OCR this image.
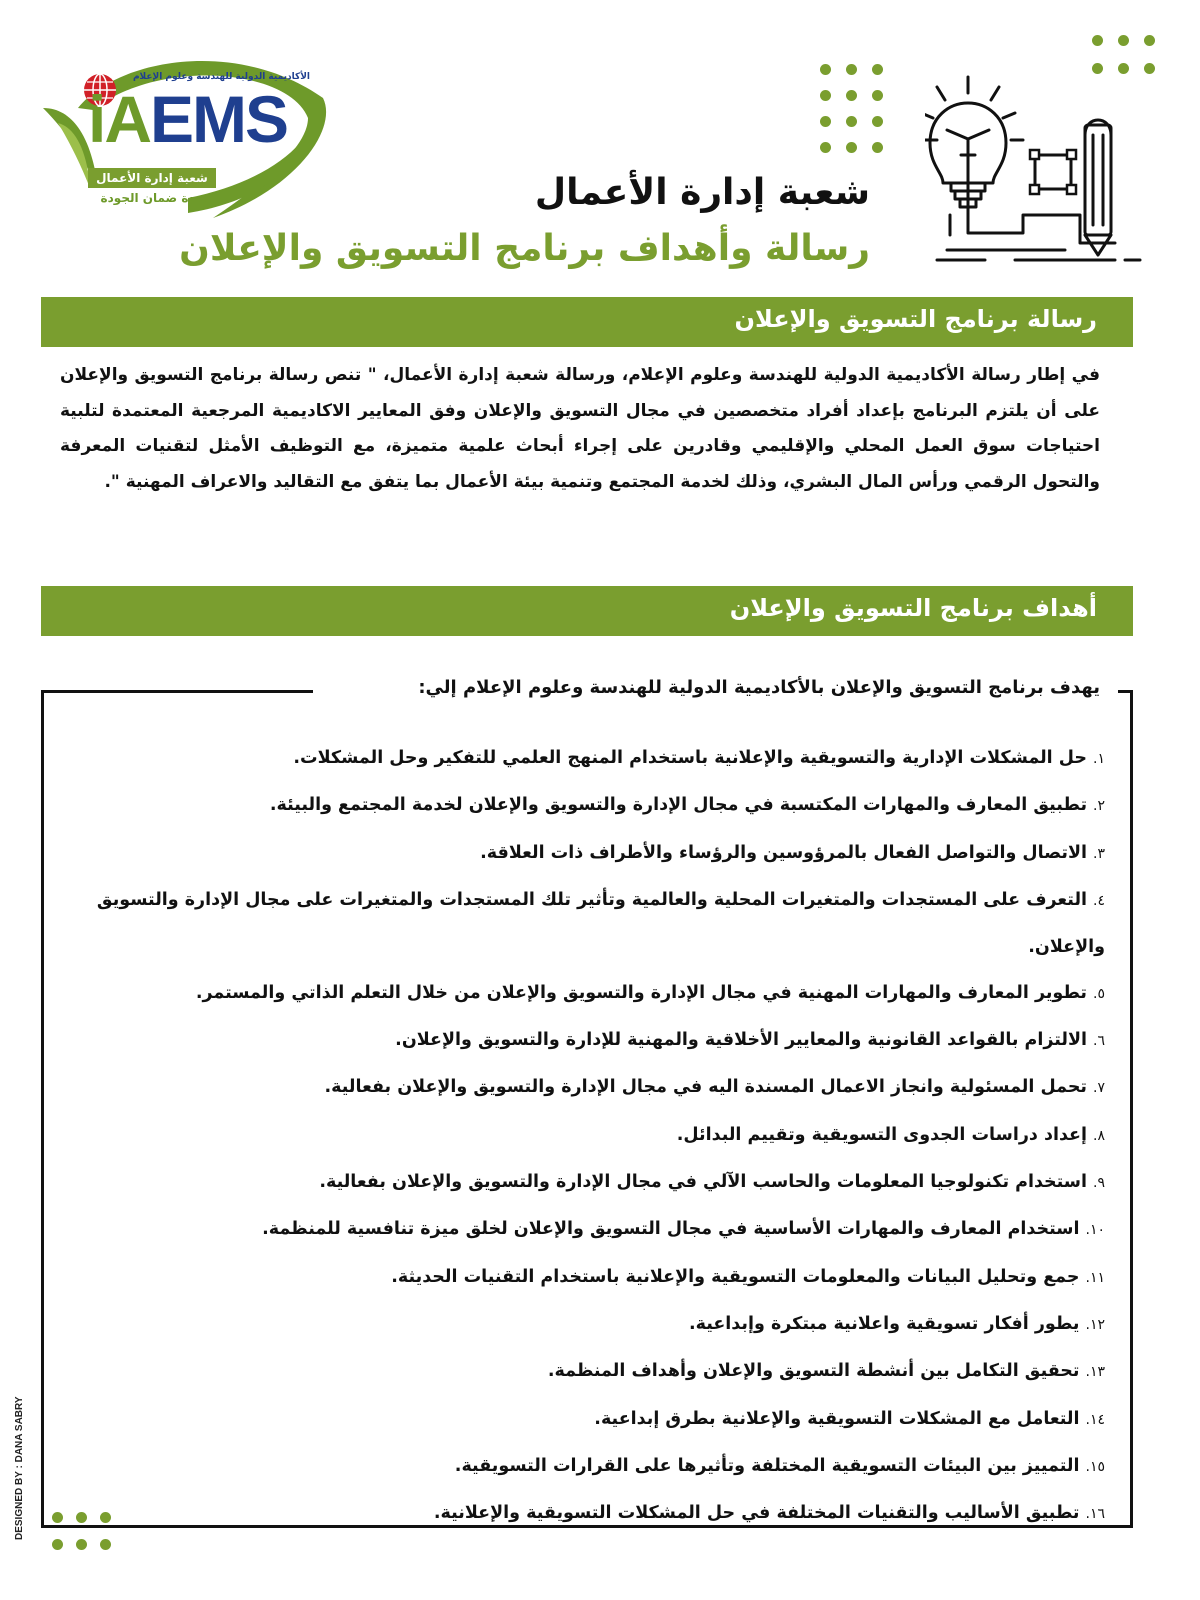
الأكاديمية الدولية للهندسة وعلوم الإعلام
iAEMS
شعبة إدارة الأعمال
وحدة ضمان الجودة	شعبة إدارة الأعمال
رسالة وأهداف برنامج التسويق والإعلان
رسالة برنامج التسويق والإعلان

في إطار رسالة الأكاديمية الدولية للهندسة وعلوم الإعلام، ورسالة شعبة إدارة الأعمال، " تنص رسالة برنامج التسويق والإعلان على أن يلتزم البرنامج بإعداد أفراد متخصصين في مجال التسويق والإعلان وفق المعايير الاكاديمية المرجعية المعتمدة لتلبية احتياجات سوق العمل المحلي والإقليمي وقادرين على إجراء أبحاث علمية متميزة، مع التوظيف الأمثل لتقنيات المعرفة والتحول الرقمي ورأس المال البشري، وذلك لخدمة المجتمع وتنمية بيئة الأعمال بما يتفق مع التقاليد والاعراف المهنية ".

أهداف برنامج التسويق والإعلان
يهدف برنامج التسويق والإعلان بالأكاديمية الدولية للهندسة وعلوم الإعلام إلي:
١.حل المشكلات الإدارية والتسويقية والإعلانية باستخدام المنهج العلمي للتفكير وحل المشكلات.
٢.تطبيق المعارف والمهارات المكتسبة في مجال الإدارة والتسويق والإعلان لخدمة المجتمع والبيئة.
٣.الاتصال والتواصل الفعال بالمرؤوسين والرؤساء والأطراف ذات العلاقة.
٤.التعرف على المستجدات والمتغيرات المحلية والعالمية وتأثير تلك المستجدات والمتغيرات على مجال الإدارة والتسويق والإعلان.
٥.تطوير المعارف والمهارات المهنية في مجال الإدارة والتسويق والإعلان من خلال التعلم الذاتي والمستمر.
٦.الالتزام بالقواعد القانونية والمعايير الأخلاقية والمهنية للإدارة والتسويق والإعلان.
٧.تحمل المسئولية وانجاز الاعمال المسندة اليه في مجال الإدارة والتسويق والإعلان بفعالية.
٨.إعداد دراسات الجدوى التسويقية وتقييم البدائل.
٩.استخدام تكنولوجيا المعلومات والحاسب الآلي في مجال الإدارة والتسويق والإعلان بفعالية.
١٠.استخدام المعارف والمهارات الأساسية في مجال التسويق والإعلان لخلق ميزة تنافسية للمنظمة.
١١.جمع وتحليل البيانات والمعلومات التسويقية والإعلانية باستخدام التقنيات الحديثة.
١٢.يطور أفكار تسويقية واعلانية مبتكرة وإبداعية.
١٣.تحقيق التكامل بين أنشطة التسويق والإعلان وأهداف المنظمة.
١٤.التعامل مع المشكلات التسويقية والإعلانية بطرق إبداعية.
١٥.التمييز بين البيئات التسويقية المختلفة وتأثيرها على القرارات التسويقية.
١٦.تطبيق الأساليب والتقنيات المختلفة في حل المشكلات التسويقية والإعلانية.
DESIGNED BY : DANA SABRY
